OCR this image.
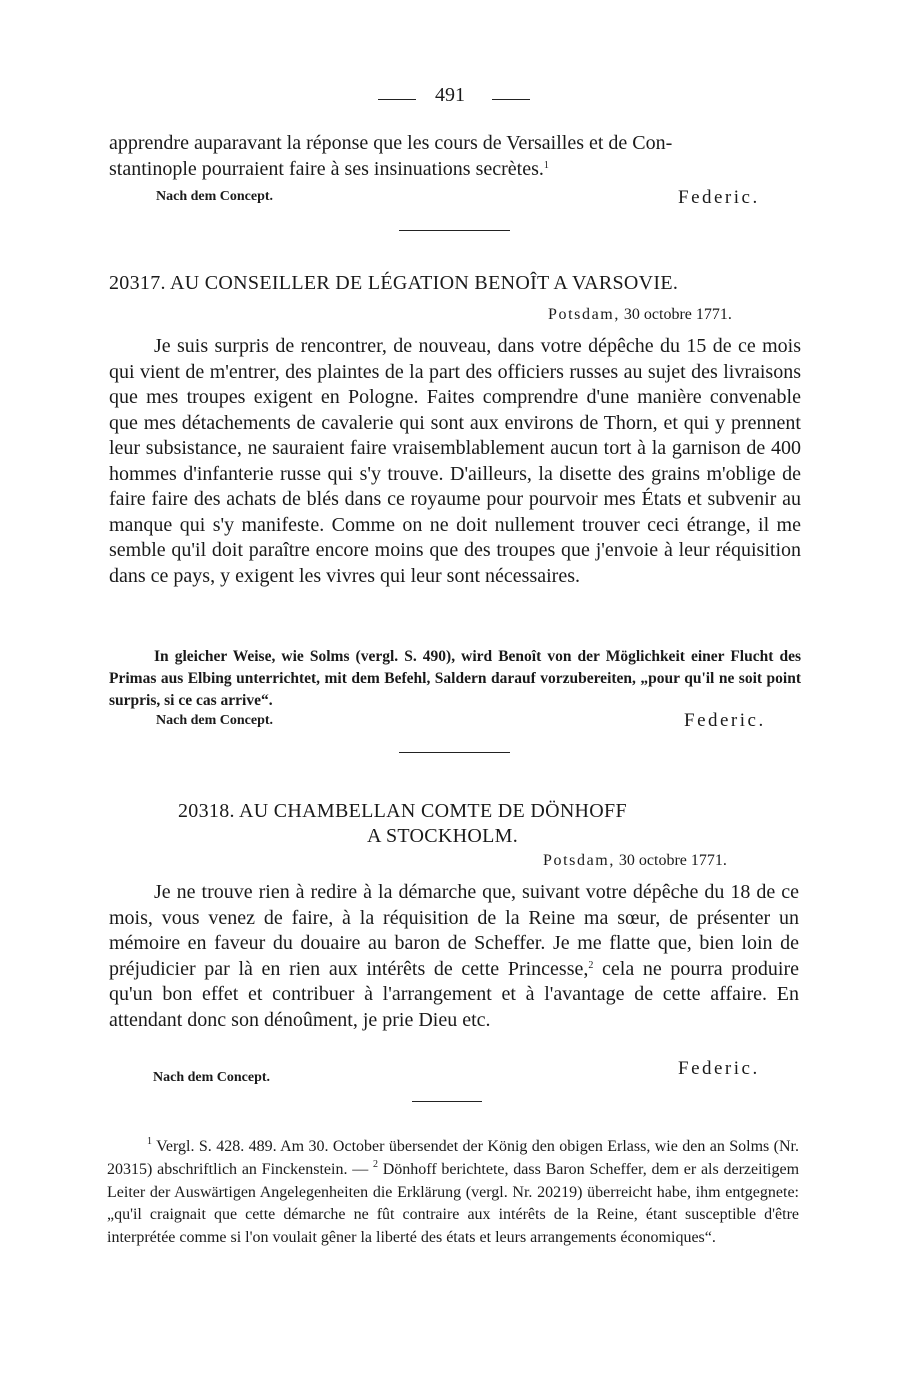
491
apprendre auparavant la réponse que les cours de Versailles et de Con-
stantinople pourraient faire à ses insinuations secrètes.$^1$
Nach dem Concept.	Federic.
20317. AU CONSEILLER DE LÉGATION BENOÎT A VARSOVIE.
Potsdam, 30 octobre 1771.
Je suis surpris de rencontrer, de nouveau, dans votre dépêche du 15 de ce mois qui vient de m'entrer, des plaintes de la part des officiers russes au sujet des livraisons que mes troupes exigent en Pologne. Faites comprendre d'une manière convenable que mes détachements de cavalerie qui sont aux environs de Thorn, et qui y prennent leur subsistance, ne sauraient faire vraisemblablement aucun tort à la garnison de 400 hommes d'infanterie russe qui s'y trouve. D'ailleurs, la disette des grains m'oblige de faire faire des achats de blés dans ce royaume pour pourvoir mes États et subvenir au manque qui s'y manifeste. Comme on ne doit nullement trouver ceci étrange, il me semble qu'il doit paraître encore moins que des troupes que j'envoie à leur réquisition dans ce pays, y exigent les vivres qui leur sont nécessaires.
In gleicher Weise, wie Solms (vergl. S. 490), wird Benoît von der Möglichkeit einer Flucht des Primas aus Elbing unterrichtet, mit dem Befehl, Saldern darauf vorzubereiten, „pour qu'il ne soit point surpris, si ce cas arrive“.
Nach dem Concept.	Federic.
20318. AU CHAMBELLAN COMTE DE DÖNHOFF
A STOCKHOLM.
Potsdam, 30 octobre 1771.
Je ne trouve rien à redire à la démarche que, suivant votre dépêche du 18 de ce mois, vous venez de faire, à la réquisition de la Reine ma sœur, de présenter un mémoire en faveur du douaire au baron de Scheffer. Je me flatte que, bien loin de préjudicier par là en rien aux intérêts de cette Princesse,$^2$ cela ne pourra produire qu'un bon effet et contribuer à l'arrangement et à l'avantage de cette affaire. En attendant donc son dénoûment, je prie Dieu etc.
Nach dem Concept.	Federic.
$^1$ Vergl. S. 428. 489. Am 30. October übersendet der König den obigen Erlass, wie den an Solms (Nr. 20315) abschriftlich an Finckenstein. — $^2$ Dönhoff berichtete, dass Baron Scheffer, dem er als derzeitigem Leiter der Auswärtigen Angelegenheiten die Erklärung (vergl. Nr. 20219) überreicht habe, ihm entgegnete: „qu'il craignait que cette démarche ne fût contraire aux intérêts de la Reine, étant susceptible d'être interprétée comme si l'on voulait gêner la liberté des états et leurs arrangements économiques“.
